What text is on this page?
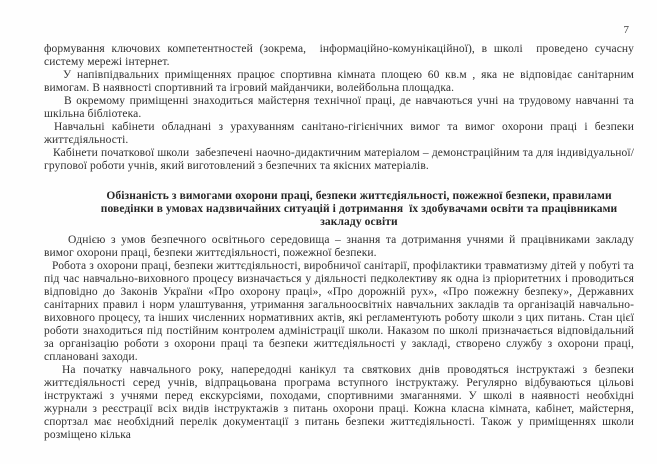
7

формування ключових компетентностей (зокрема,  інформаційно-комунікаційної), в школі  проведено сучасну систему мережі інтернет.

У напівпідвальних приміщеннях працює спортивна кімната площею 60 кв.м , яка не відповідає санітарним вимогам. В наявності спортивний та ігровий майданчики, волейбольна площадка.

В окремому приміщенні знаходиться майстерня технічної праці, де навчаються учні на трудовому навчанні та шкільна бібліотека.

Навчальні кабінети обладнані з урахуванням санітано-гігієнічних вимог та вимог охорони праці і безпеки життєдіяльності.

Кабінети початкової школи  забезпечені наочно-дидактичним матеріалом – демонстраційним та для індивідуальної/групової роботи учнів, який виготовлений з безпечних та якісних матеріалів.

Обізнаність з вимогами охорони праці, безпеки життєдіяльності, пожежної безпеки, правилами поведінки в умовах надзвичайних ситуацій і дотримання  їх здобувачами освіти та працівниками закладу освіти

Однією з умов безпечного освітнього середовища – знання та дотримання учнями й працівниками закладу вимог охорони праці, безпеки життєдіяльності, пожежної безпеки.

Робота з охорони праці, безпеки життєдіяльності, виробничої санітарії, профілактики травматизму дітей у побуті та під час навчально-виховного процесу визначається у діяльності педколективу як одна із пріоритетних і проводиться відповідно до Законів України «Про охорону праці», «Про дорожній рух», «Про пожежну безпеку», Державних санітарних правил і норм улаштування, утримання загальноосвітніх навчальних закладів та організацій навчально-виховного процесу, та інших численних нормативних актів, які регламентують роботу школи з цих питань. Стан цієї роботи знаходиться під постійним контролем адміністрації школи. Наказом по школі призначається відповідальний за організацію роботи з охорони праці та безпеки життєдіяльності у закладі, створено службу з охорони праці, сплановані заходи.

На початку навчального року, напередодні канікул та святкових днів проводяться інструктажі з безпеки життєдіяльності серед учнів, відпрацьована програма вступного інструктажу. Регулярно відбуваються цільові інструктажі з учнями перед екскурсіями, походами, спортивними змаганнями. У школі в наявності необхідні журнали з реєстрації всіх видів інструктажів з питань охорони праці. Кожна класна кімната, кабінет, майстерня, спортзал має необхідний перелік документації з питань безпеки життєдіяльності. Також у приміщеннях школи розміщено кілька
